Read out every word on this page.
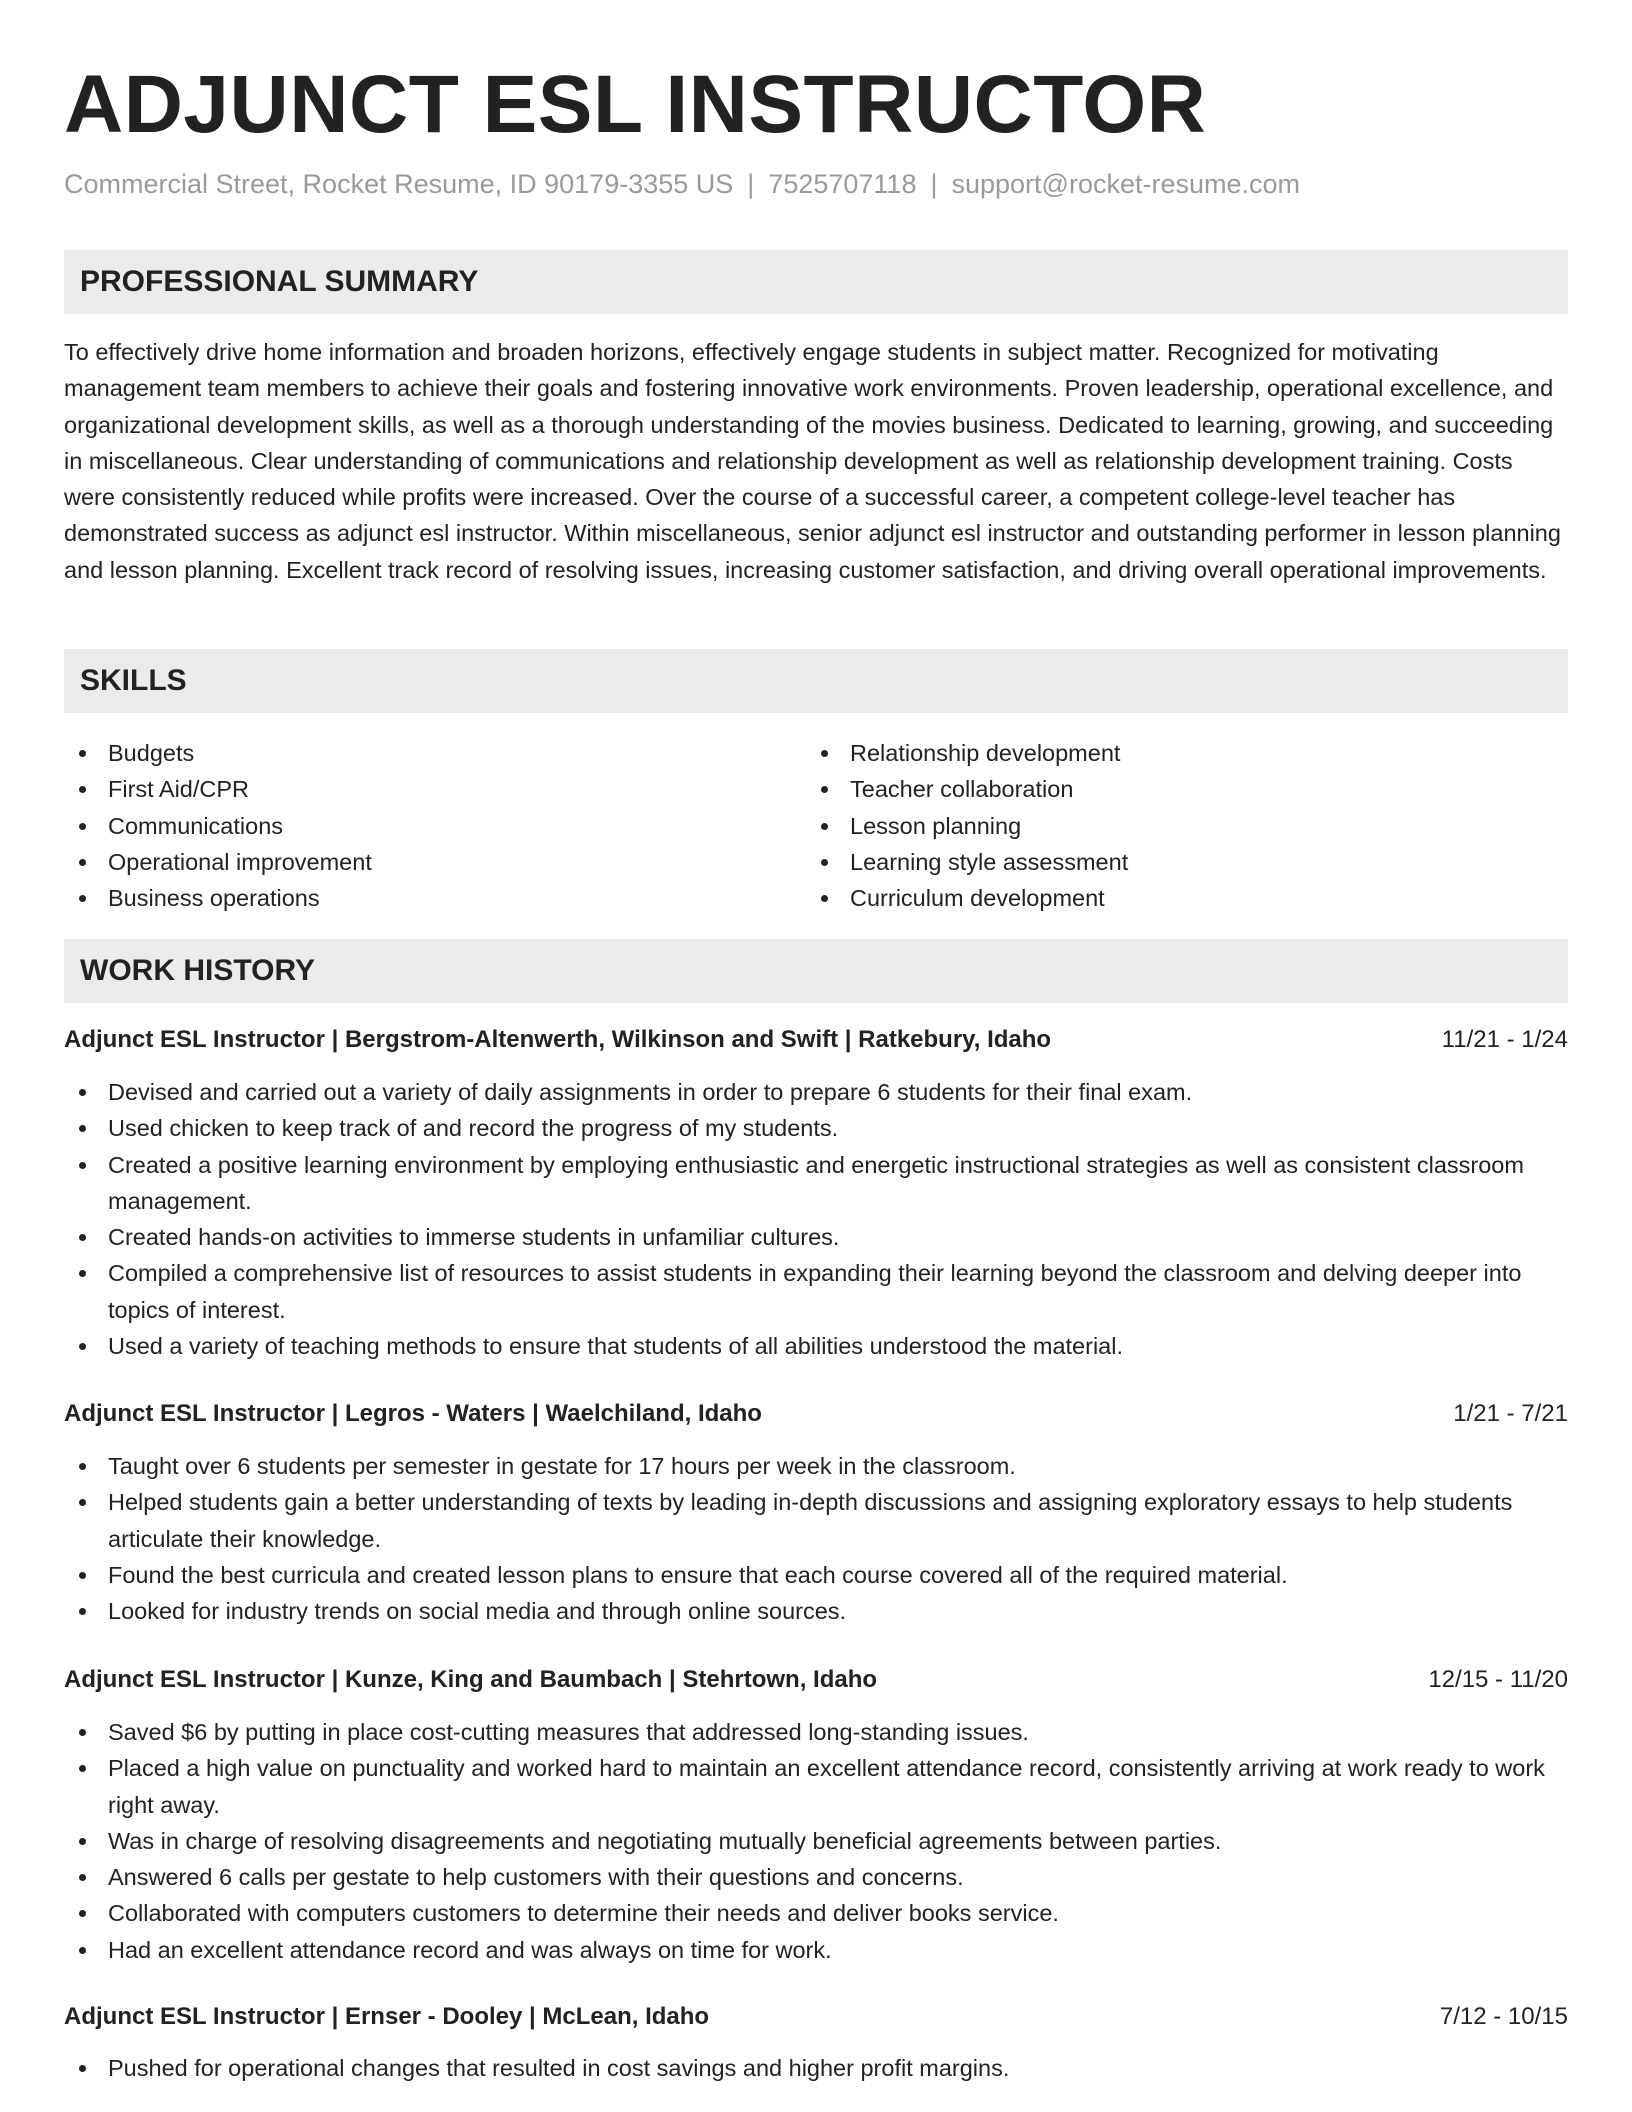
ADJUNCT ESL INSTRUCTOR
Commercial Street, Rocket Resume, ID 90179-3355 US | 7525707118 | support@rocket-resume.com
PROFESSIONAL SUMMARY

To effectively drive home information and broaden horizons, effectively engage students in subject matter. Recognized for motivating management team members to achieve their goals and fostering innovative work environments. Proven leadership, operational excellence, and organizational development skills, as well as a thorough understanding of the movies business. Dedicated to learning, growing, and succeeding in miscellaneous. Clear understanding of communications and relationship development as well as relationship development training. Costs were consistently reduced while profits were increased. Over the course of a successful career, a competent college-level teacher has demonstrated success as adjunct esl instructor. Within miscellaneous, senior adjunct esl instructor and outstanding performer in lesson planning and lesson planning. Excellent track record of resolving issues, increasing customer satisfaction, and driving overall operational improvements.

SKILLS
Budgets
First Aid/CPR
Communications
Operational improvement
Business operations
Relationship development
Teacher collaboration
Lesson planning
Learning style assessment
Curriculum development
WORK HISTORY
Adjunct ESL Instructor | Bergstrom-Altenwerth, Wilkinson and Swift | Ratkebury, Idaho	11/21 - 1/24
Devised and carried out a variety of daily assignments in order to prepare 6 students for their final exam.
Used chicken to keep track of and record the progress of my students.
Created a positive learning environment by employing enthusiastic and energetic instructional strategies as well as consistent classroom management.
Created hands-on activities to immerse students in unfamiliar cultures.
Compiled a comprehensive list of resources to assist students in expanding their learning beyond the classroom and delving deeper into topics of interest.
Used a variety of teaching methods to ensure that students of all abilities understood the material.
Adjunct ESL Instructor | Legros - Waters | Waelchiland, Idaho	1/21 - 7/21
Taught over 6 students per semester in gestate for 17 hours per week in the classroom.
Helped students gain a better understanding of texts by leading in-depth discussions and assigning exploratory essays to help students articulate their knowledge.
Found the best curricula and created lesson plans to ensure that each course covered all of the required material.
Looked for industry trends on social media and through online sources.
Adjunct ESL Instructor | Kunze, King and Baumbach | Stehrtown, Idaho	12/15 - 11/20
Saved $6 by putting in place cost-cutting measures that addressed long-standing issues.
Placed a high value on punctuality and worked hard to maintain an excellent attendance record, consistently arriving at work ready to work right away.
Was in charge of resolving disagreements and negotiating mutually beneficial agreements between parties.
Answered 6 calls per gestate to help customers with their questions and concerns.
Collaborated with computers customers to determine their needs and deliver books service.
Had an excellent attendance record and was always on time for work.
Adjunct ESL Instructor | Ernser - Dooley | McLean, Idaho	7/12 - 10/15
Pushed for operational changes that resulted in cost savings and higher profit margins.
